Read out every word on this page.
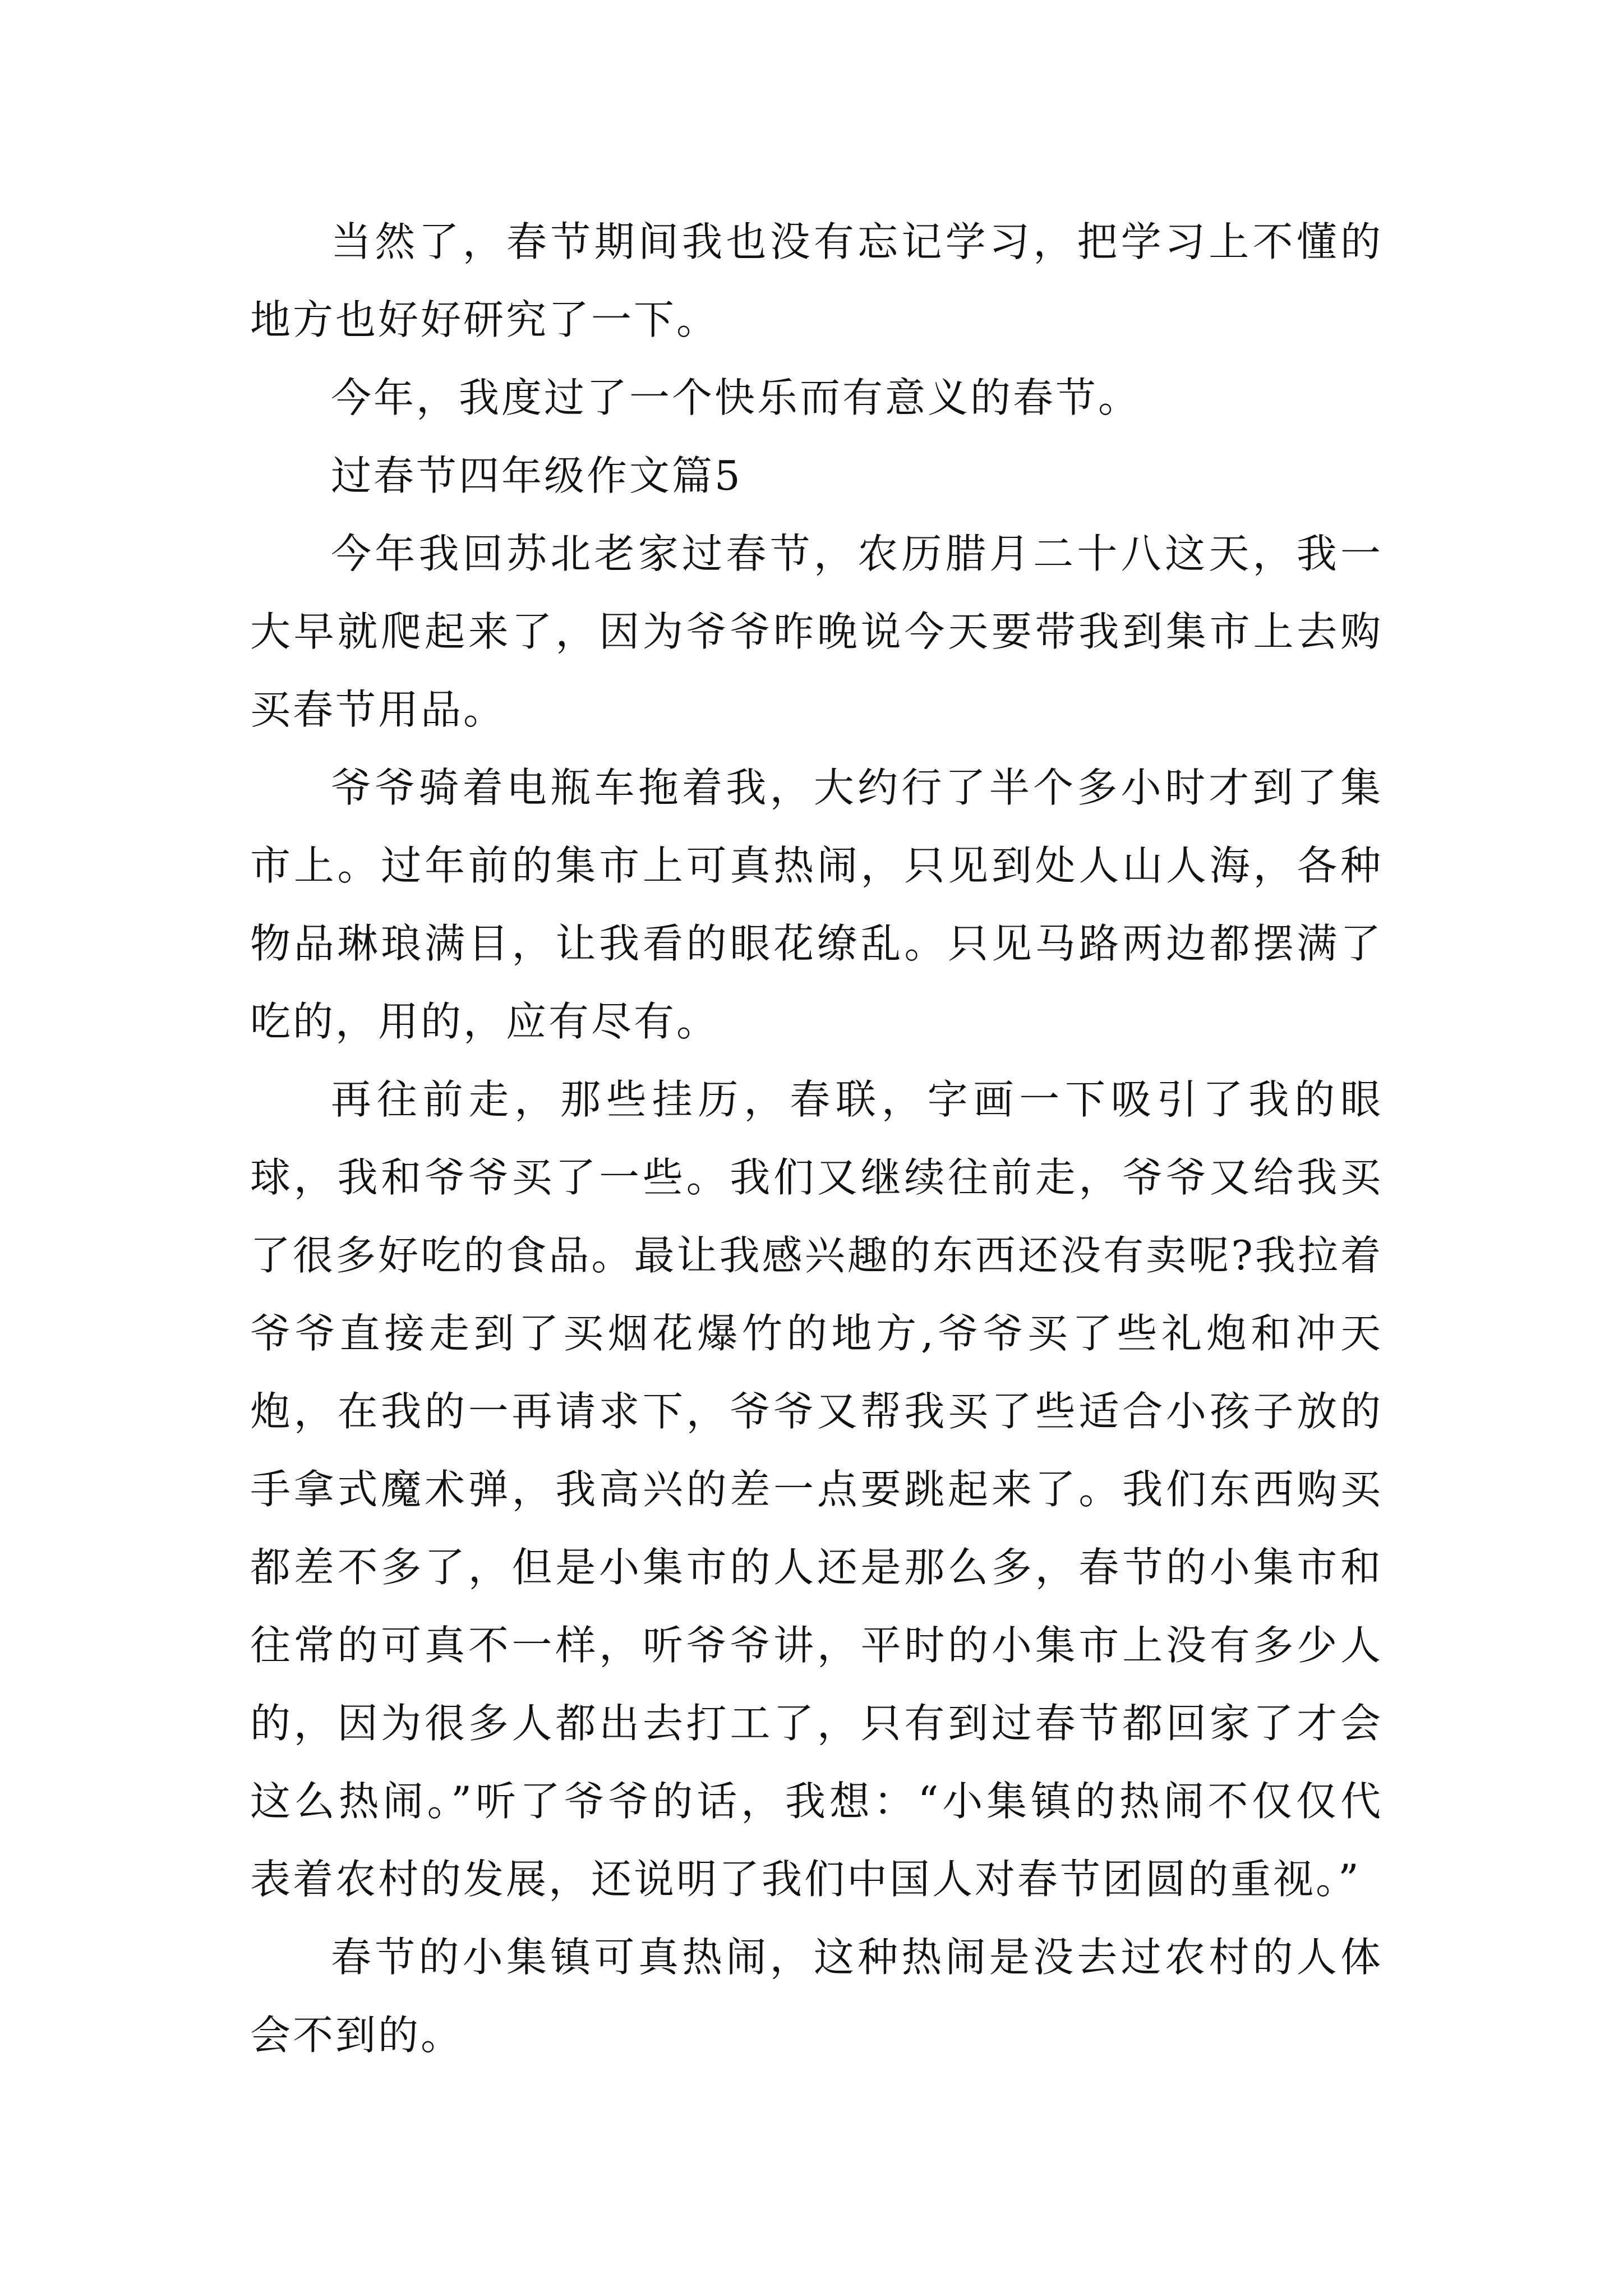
当然了，春节期间我也没有忘记学习，把学习上不懂的地方也好好研究了一下。

今年，我度过了一个快乐而有意义的春节。

过春节四年级作文篇5

今年我回苏北老家过春节，农历腊月二十八这天，我一大早就爬起来了，因为爷爷昨晚说今天要带我到集市上去购买春节用品。

爷爷骑着电瓶车拖着我，大约行了半个多小时才到了集市上。过年前的集市上可真热闹，只见到处人山人海，各种物品琳琅满目，让我看的眼花缭乱。只见马路两边都摆满了吃的，用的，应有尽有。

再往前走，那些挂历，春联，字画一下吸引了我的眼球，我和爷爷买了一些。我们又继续往前走，爷爷又给我买了很多好吃的食品。最让我感兴趣的东西还没有卖呢?我拉着爷爷直接走到了买烟花爆竹的地方,爷爷买了些礼炮和冲天炮，在我的一再请求下，爷爷又帮我买了些适合小孩子放的手拿式魔术弹，我高兴的差一点要跳起来了。我们东西购买都差不多了，但是小集市的人还是那么多，春节的小集市和往常的可真不一样，听爷爷讲，平时的小集市上没有多少人的，因为很多人都出去打工了，只有到过春节都回家了才会这么热闹。”听了爷爷的话，我想：“小集镇的热闹不仅仅代表着农村的发展，还说明了我们中国人对春节团圆的重视。”

春节的小集镇可真热闹，这种热闹是没去过农村的人体会不到的。
